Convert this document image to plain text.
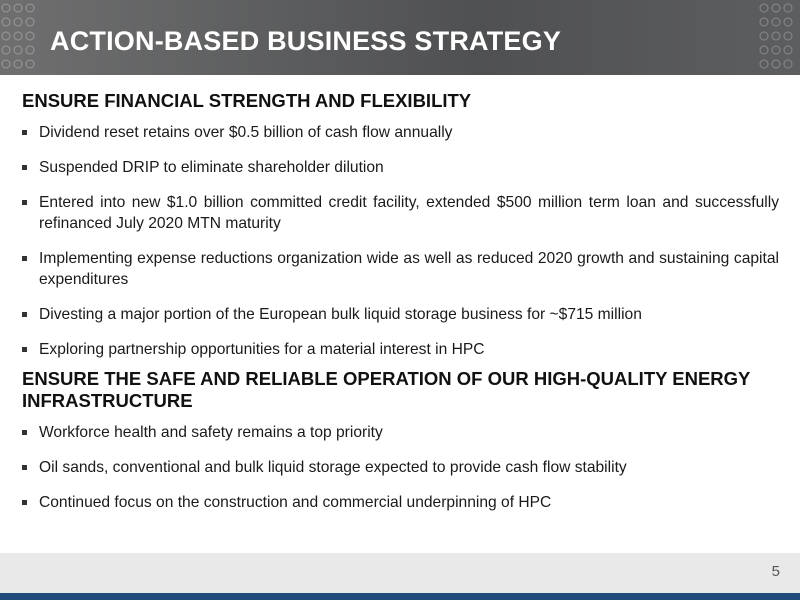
ACTION-BASED BUSINESS STRATEGY
ENSURE FINANCIAL STRENGTH AND FLEXIBILITY
Dividend reset retains over $0.5 billion of cash flow annually
Suspended DRIP to eliminate shareholder dilution
Entered into new $1.0 billion committed credit facility, extended $500 million term loan and successfully refinanced July 2020 MTN maturity
Implementing expense reductions organization wide as well as reduced 2020 growth and sustaining capital expenditures
Divesting a major portion of the European bulk liquid storage business for ~$715 million
Exploring partnership opportunities for a material interest in HPC
ENSURE THE SAFE AND RELIABLE OPERATION OF OUR HIGH-QUALITY ENERGY INFRASTRUCTURE
Workforce health and safety remains a top priority
Oil sands, conventional and bulk liquid storage expected to provide cash flow stability
Continued focus on the construction and commercial underpinning of HPC
5
